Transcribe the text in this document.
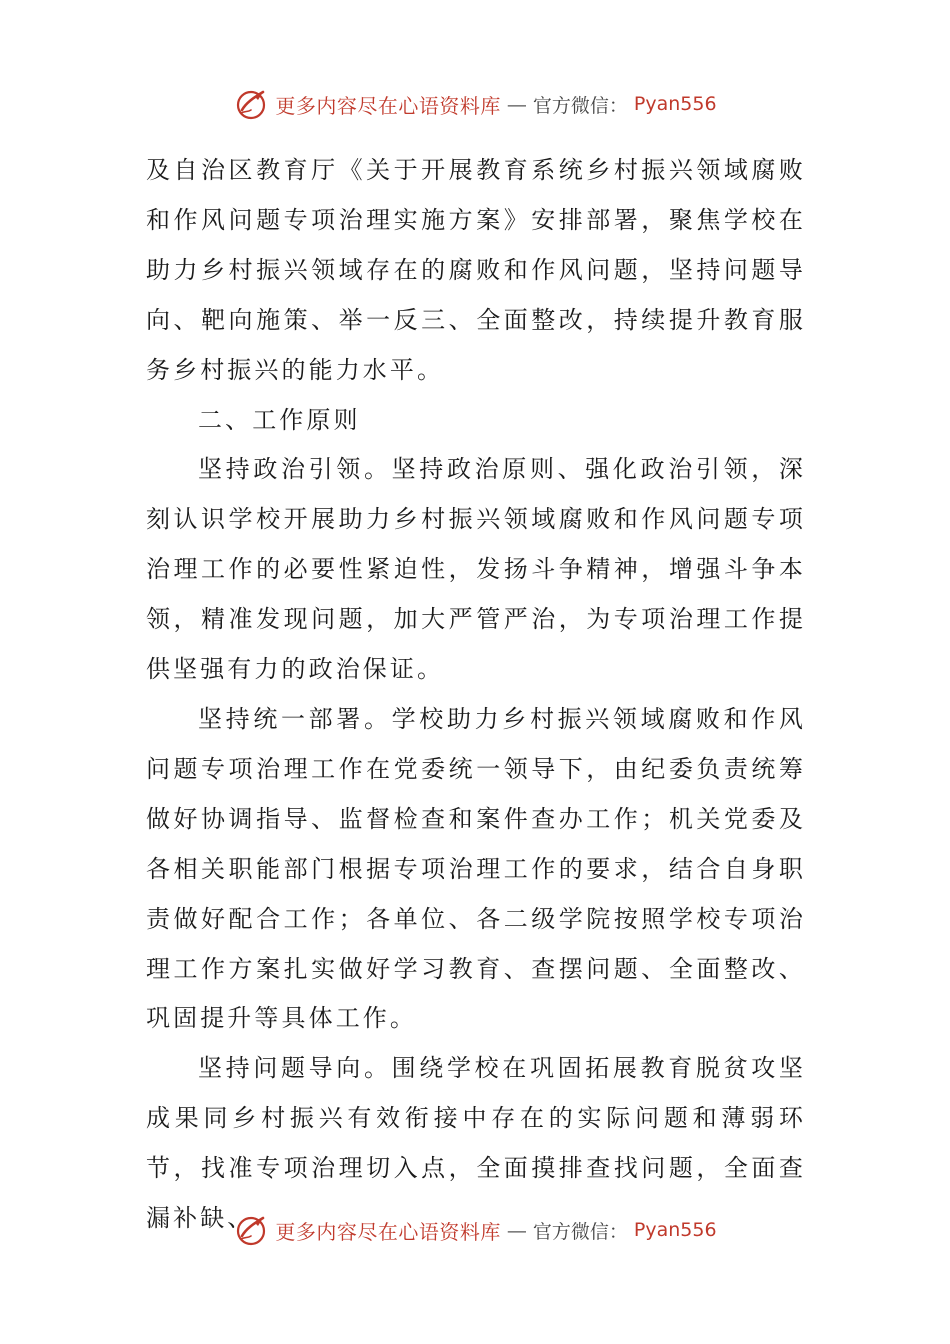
更多内容尽在心语资料库 — 官方微信： Pyan556

及自治区教育厅《关于开展教育系统乡村振兴领域腐败和作风问题专项治理实施方案》安排部署，聚焦学校在助力乡村振兴领域存在的腐败和作风问题，坚持问题导向、靶向施策、举一反三、全面整改，持续提升教育服务乡村振兴的能力水平。

二、工作原则

坚持政治引领。坚持政治原则、强化政治引领，深刻认识学校开展助力乡村振兴领域腐败和作风问题专项治理工作的必要性紧迫性，发扬斗争精神，增强斗争本领，精准发现问题，加大严管严治，为专项治理工作提供坚强有力的政治保证。

坚持统一部署。学校助力乡村振兴领域腐败和作风问题专项治理工作在党委统一领导下，由纪委负责统筹做好协调指导、监督检查和案件查办工作；机关党委及各相关职能部门根据专项治理工作的要求，结合自身职责做好配合工作；各单位、各二级学院按照学校专项治理工作方案扎实做好学习教育、查摆问题、全面整改、巩固提升等具体工作。

坚持问题导向。围绕学校在巩固拓展教育脱贫攻坚成果同乡村振兴有效衔接中存在的实际问题和薄弱环节，找准专项治理切入点，全面摸排查找问题，全面查漏补缺、	更多内容尽在心语资料库 — 官方微信： Pyan556
